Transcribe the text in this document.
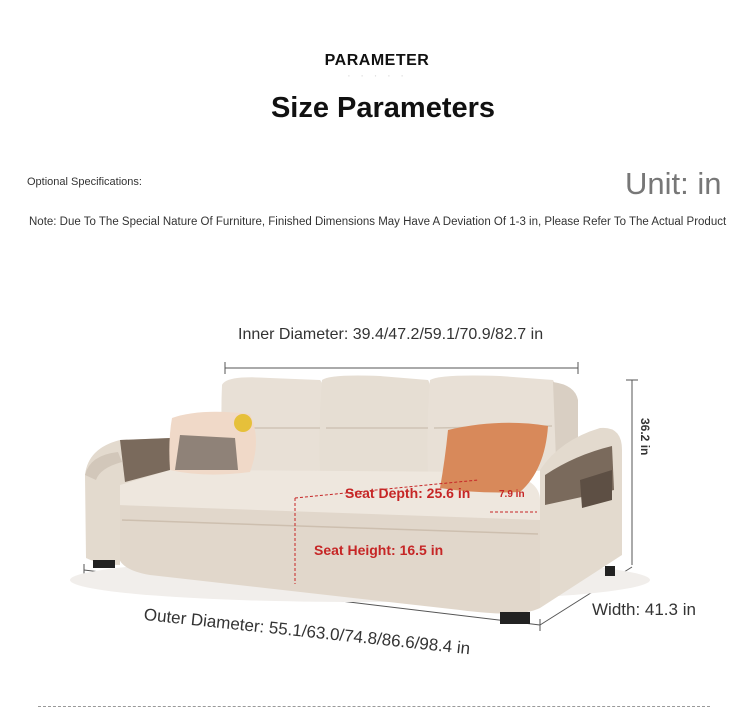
PARAMETER
· · · · ·
Size Parameters
Optional Specifications:	Unit: in
Note: Due To The Special Nature Of Furniture, Finished Dimensions May Have A Deviation Of 1-3 in, Please Refer To The Actual Product
Inner Diameter: 39.4/47.2/59.1/70.9/82.7 in
36.2 in
Seat Depth: 25.6 in
Seat Height: 16.5 in
7.9 in
Width: 41.3 in
Outer Diameter: 55.1/63.0/74.8/86.6/98.4 in
